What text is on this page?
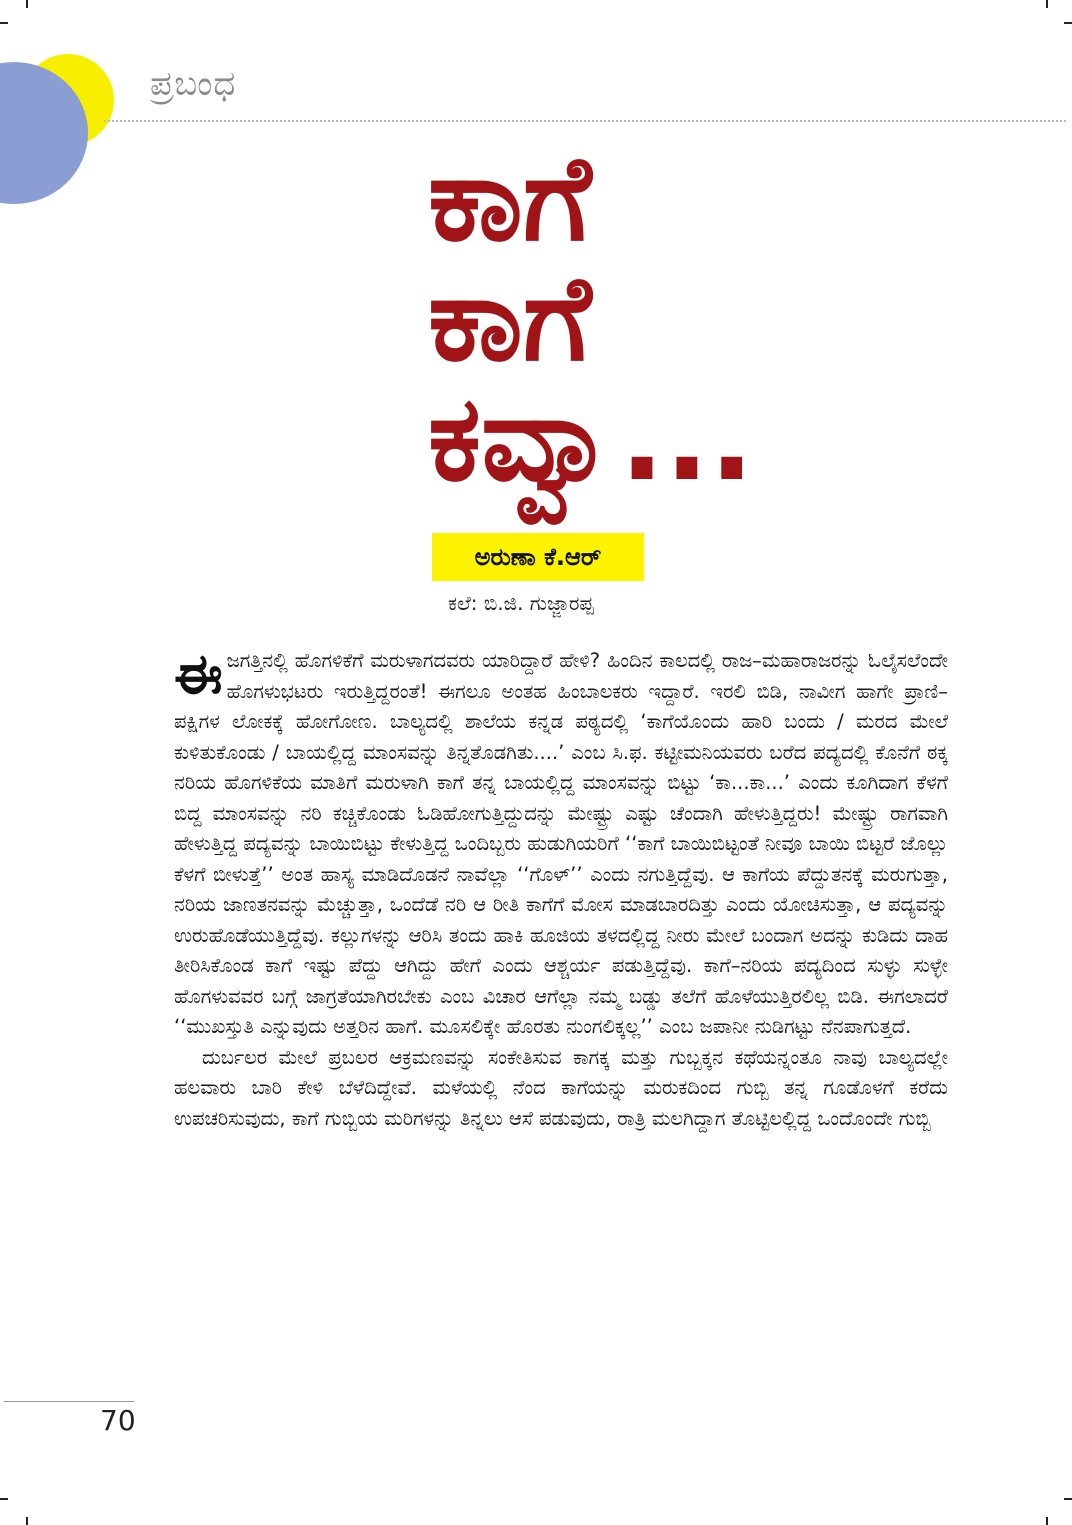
ಪ್ರಬಂಧ
ಕಾಗೆ
ಕಾಗೆ
ಕವ್ವಾ...
ಅರುಣಾ ಕೆ.ಆರ್
ಕಲೆ: ಬಿ.ಜಿ. ಗುಜ್ಜಾರಪ್ಪ

ಈಜಗತ್ತಿನಲ್ಲಿ ಹೊಗಳಿಕೆಗೆ ಮರುಳಾಗದವರು ಯಾರಿದ್ದಾರೆ ಹೇಳಿ? ಹಿಂದಿನ ಕಾಲದಲ್ಲಿ ರಾಜ–ಮಹಾರಾಜರನ್ನು ಓಲೈಸಲೆಂದೇ ಹೊಗಳುಭಟರು ಇರುತ್ತಿದ್ದರಂತೆ! ಈಗಲೂ ಅಂತಹ ಹಿಂಬಾಲಕರು ಇದ್ದಾರೆ. ಇರಲಿ ಬಿಡಿ, ನಾವೀಗ ಹಾಗೇ ಪ್ರಾಣಿ–ಪಕ್ಷಿಗಳ ಲೋಕಕ್ಕೆ ಹೋಗೋಣ. ಬಾಲ್ಯದಲ್ಲಿ ಶಾಲೆಯ ಕನ್ನಡ ಪಠ್ಯದಲ್ಲಿ ‘ಕಾಗೆಯೊಂದು ಹಾರಿ ಬಂದು / ಮರದ ಮೇಲೆ ಕುಳಿತುಕೊಂಡು / ಬಾಯಲ್ಲಿದ್ದ ಮಾಂಸವನ್ನು ತಿನ್ನತೊಡಗಿತು....’ ಎಂಬ ಸಿ.ಫ. ಕಟ್ಟೀಮನಿಯವರು ಬರೆದ ಪದ್ಯದಲ್ಲಿ ಕೊನೆಗೆ ಠಕ್ಕ ನರಿಯ ಹೊಗಳಿಕೆಯ ಮಾತಿಗೆ ಮರುಳಾಗಿ ಕಾಗೆ ತನ್ನ ಬಾಯಲ್ಲಿದ್ದ ಮಾಂಸವನ್ನು ಬಿಟ್ಟು ‘ಕಾ...ಕಾ...’ ಎಂದು ಕೂಗಿದಾಗ ಕೆಳಗೆ ಬಿದ್ದ ಮಾಂಸವನ್ನು ನರಿ ಕಚ್ಚಿಕೊಂಡು ಓಡಿಹೋಗುತ್ತಿದ್ದುದನ್ನು ಮೇಷ್ಟ್ರು ಎಷ್ಟು ಚೆಂದಾಗಿ ಹೇಳುತ್ತಿದ್ದರು! ಮೇಷ್ಟ್ರು ರಾಗವಾಗಿ ಹೇಳುತ್ತಿದ್ದ ಪದ್ಯವನ್ನು ಬಾಯಿಬಿಟ್ಟು ಕೇಳುತ್ತಿದ್ದ ಒಂದಿಬ್ಬರು ಹುಡುಗಿಯರಿಗೆ ‘‘ಕಾಗೆ ಬಾಯಿಬಿಟ್ಟಂತೆ ನೀವೂ ಬಾಯಿ ಬಿಟ್ಟರೆ ಜೊಲ್ಲು ಕೆಳಗೆ ಬೀಳುತ್ತೆ’’ ಅಂತ ಹಾಸ್ಯ ಮಾಡಿದೊಡನೆ ನಾವೆಲ್ಲಾ ‘‘ಗೊಳ್’’ ಎಂದು ನಗುತ್ತಿದ್ದೆವು. ಆ ಕಾಗೆಯ ಪೆದ್ದುತನಕ್ಕೆ ಮರುಗುತ್ತಾ, ನರಿಯ ಜಾಣತನವನ್ನು ಮೆಚ್ಚುತ್ತಾ, ಒಂದೆಡೆ ನರಿ ಆ ರೀತಿ ಕಾಗೆಗೆ ಮೋಸ ಮಾಡಬಾರದಿತ್ತು ಎಂದು ಯೋಚಿಸುತ್ತಾ, ಆ ಪದ್ಯವನ್ನು ಉರುಹೊಡೆಯುತ್ತಿದ್ದೆವು. ಕಲ್ಲುಗಳನ್ನು ಆರಿಸಿ ತಂದು ಹಾಕಿ ಹೂಜಿಯ ತಳದಲ್ಲಿದ್ದ ನೀರು ಮೇಲೆ ಬಂದಾಗ ಅದನ್ನು ಕುಡಿದು ದಾಹ ತೀರಿಸಿಕೊಂಡ ಕಾಗೆ ಇಷ್ಟು ಪೆದ್ದು ಆಗಿದ್ದು ಹೇಗೆ ಎಂದು ಆಶ್ಚರ್ಯ ಪಡುತ್ತಿದ್ದೆವು. ಕಾಗೆ–ನರಿಯ ಪದ್ಯದಿಂದ ಸುಳ್ಳು ಸುಳ್ಳೇ ಹೊಗಳುವವರ ಬಗ್ಗೆ ಜಾಗ್ರತೆಯಾಗಿರಬೇಕು ಎಂಬ ವಿಚಾರ ಆಗೆಲ್ಲಾ ನಮ್ಮ ಬಡ್ಡು ತಲೆಗೆ ಹೊಳೆಯುತ್ತಿರಲಿಲ್ಲ ಬಿಡಿ. ಈಗಲಾದರೆ ‘‘ಮುಖಸ್ತುತಿ ಎನ್ನುವುದು ಅತ್ತರಿನ ಹಾಗೆ. ಮೂಸಲಿಕ್ಕೇ ಹೊರತು ನುಂಗಲಿಕ್ಕಲ್ಲ’’ ಎಂಬ ಜಪಾನೀ ನುಡಿಗಟ್ಟು ನೆನಪಾಗುತ್ತದೆ.

ದುರ್ಬಲರ ಮೇಲೆ ಪ್ರಬಲರ ಆಕ್ರಮಣವನ್ನು ಸಂಕೇತಿಸುವ ಕಾಗಕ್ಕ ಮತ್ತು ಗುಬ್ಬಕ್ಕನ ಕಥೆಯನ್ನಂತೂ ನಾವು ಬಾಲ್ಯದಲ್ಲೇ ಹಲವಾರು ಬಾರಿ ಕೇಳಿ ಬೆಳೆದಿದ್ದೇವೆ. ಮಳೆಯಲ್ಲಿ ನೆಂದ ಕಾಗೆಯನ್ನು ಮರುಕದಿಂದ ಗುಬ್ಬಿ ತನ್ನ ಗೂಡೊಳಗೆ ಕರೆದು ಉಪಚರಿಸುವುದು, ಕಾಗೆ ಗುಬ್ಬಿಯ ಮರಿಗಳನ್ನು ತಿನ್ನಲು ಆಸೆ ಪಡುವುದು, ರಾತ್ರಿ ಮಲಗಿದ್ದಾಗ ತೊಟ್ಟಿಲಲ್ಲಿದ್ದ ಒಂದೊಂದೇ ಗುಬ್ಬಿ

70
